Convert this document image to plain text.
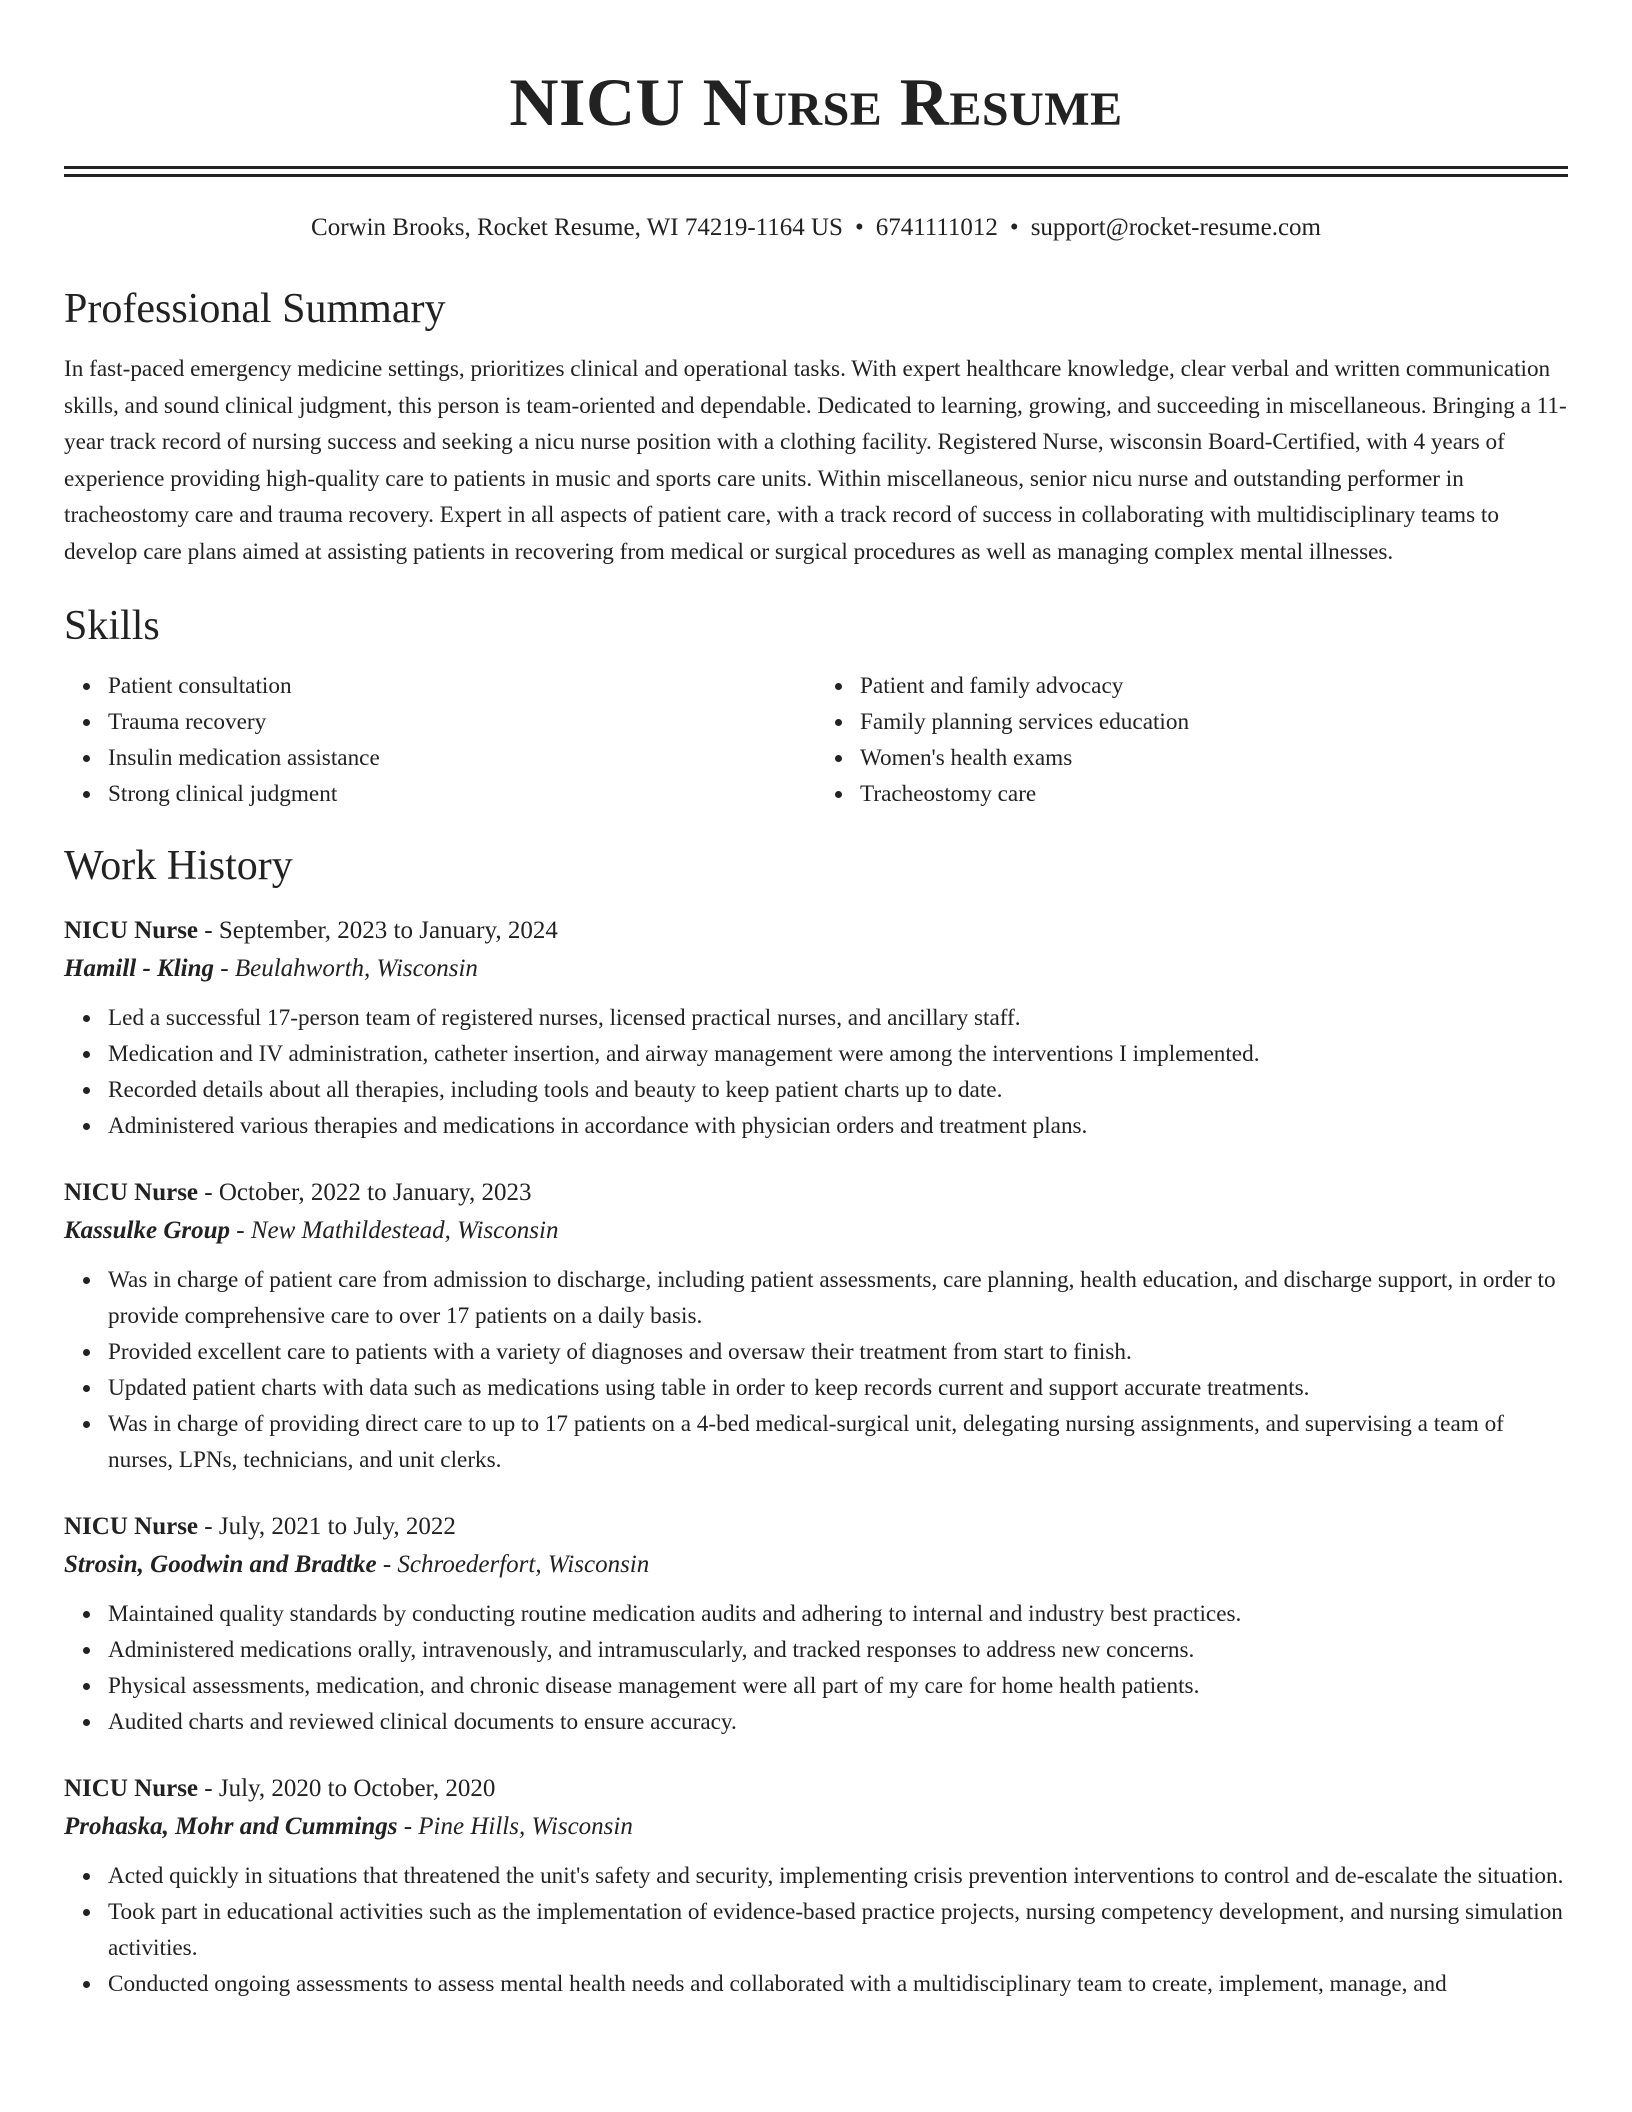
NICU Nurse Resume
Corwin Brooks, Rocket Resume, WI 74219-1164 US • 6741111012 • support@rocket-resume.com
Professional Summary

In fast-paced emergency medicine settings, prioritizes clinical and operational tasks. With expert healthcare knowledge, clear verbal and written communication skills, and sound clinical judgment, this person is team-oriented and dependable. Dedicated to learning, growing, and succeeding in miscellaneous. Bringing a 11-year track record of nursing success and seeking a nicu nurse position with a clothing facility. Registered Nurse, wisconsin Board-Certified, with 4 years of experience providing high-quality care to patients in music and sports care units. Within miscellaneous, senior nicu nurse and outstanding performer in tracheostomy care and trauma recovery. Expert in all aspects of patient care, with a track record of success in collaborating with multidisciplinary teams to develop care plans aimed at assisting patients in recovering from medical or surgical procedures as well as managing complex mental illnesses.

Skills
Patient consultation
Trauma recovery
Insulin medication assistance
Strong clinical judgment
Patient and family advocacy
Family planning services education
Women's health exams
Tracheostomy care
Work History
NICU Nurse - September, 2023 to January, 2024
Hamill - Kling - Beulahworth, Wisconsin
Led a successful 17-person team of registered nurses, licensed practical nurses, and ancillary staff.
Medication and IV administration, catheter insertion, and airway management were among the interventions I implemented.
Recorded details about all therapies, including tools and beauty to keep patient charts up to date.
Administered various therapies and medications in accordance with physician orders and treatment plans.
NICU Nurse - October, 2022 to January, 2023
Kassulke Group - New Mathildestead, Wisconsin
Was in charge of patient care from admission to discharge, including patient assessments, care planning, health education, and discharge support, in order to provide comprehensive care to over 17 patients on a daily basis.
Provided excellent care to patients with a variety of diagnoses and oversaw their treatment from start to finish.
Updated patient charts with data such as medications using table in order to keep records current and support accurate treatments.
Was in charge of providing direct care to up to 17 patients on a 4-bed medical-surgical unit, delegating nursing assignments, and supervising a team of nurses, LPNs, technicians, and unit clerks.
NICU Nurse - July, 2021 to July, 2022
Strosin, Goodwin and Bradtke - Schroederfort, Wisconsin
Maintained quality standards by conducting routine medication audits and adhering to internal and industry best practices.
Administered medications orally, intravenously, and intramuscularly, and tracked responses to address new concerns.
Physical assessments, medication, and chronic disease management were all part of my care for home health patients.
Audited charts and reviewed clinical documents to ensure accuracy.
NICU Nurse - July, 2020 to October, 2020
Prohaska, Mohr and Cummings - Pine Hills, Wisconsin
Acted quickly in situations that threatened the unit's safety and security, implementing crisis prevention interventions to control and de-escalate the situation.
Took part in educational activities such as the implementation of evidence-based practice projects, nursing competency development, and nursing simulation activities.
Conducted ongoing assessments to assess mental health needs and collaborated with a multidisciplinary team to create, implement, manage, and
